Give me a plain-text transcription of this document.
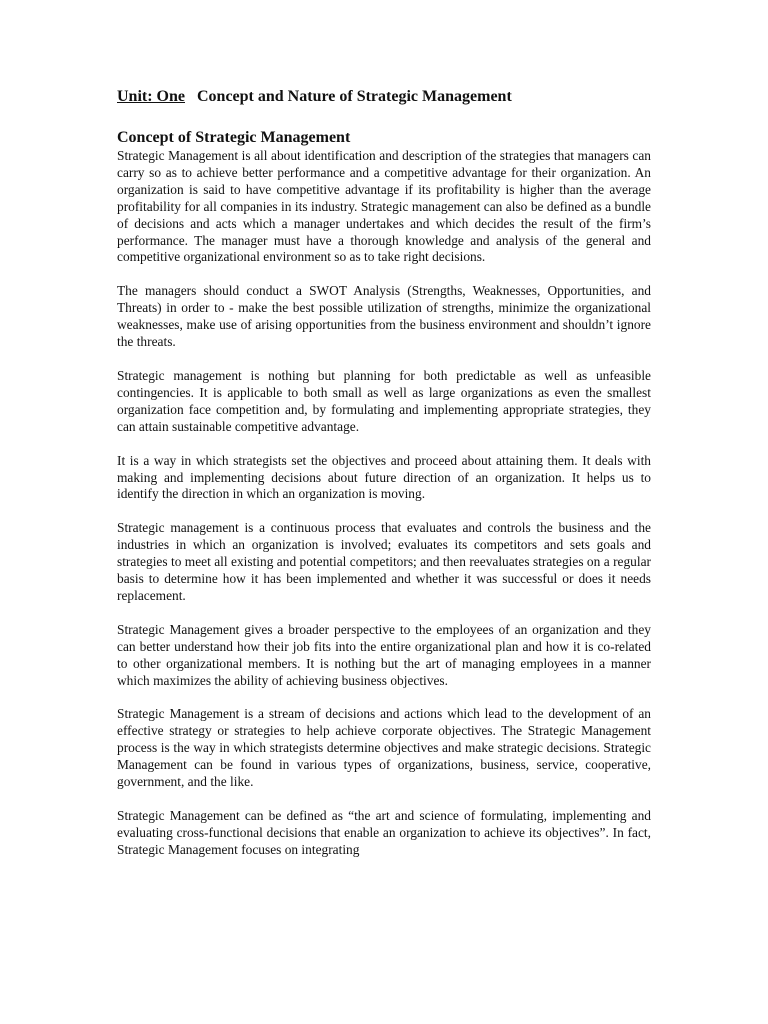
Unit: One Concept and Nature of Strategic Management
Concept of Strategic Management

Strategic Management is all about identification and description of the strategies that managers can carry so as to achieve better performance and a competitive advantage for their organization. An organization is said to have competitive advantage if its profitability is higher than the average profitability for all companies in its industry. Strategic management can also be defined as a bundle of decisions and acts which a manager undertakes and which decides the result of the firm’s performance. The manager must have a thorough knowledge and analysis of the general and competitive organizational environment so as to take right decisions.

The managers should conduct a SWOT Analysis (Strengths, Weaknesses, Opportunities, and Threats) in order to - make the best possible utilization of strengths, minimize the organizational weaknesses, make use of arising opportunities from the business environment and shouldn’t ignore the threats.

Strategic management is nothing but planning for both predictable as well as unfeasible contingencies. It is applicable to both small as well as large organizations as even the smallest organization face competition and, by formulating and implementing appropriate strategies, they can attain sustainable competitive advantage.

It is a way in which strategists set the objectives and proceed about attaining them. It deals with making and implementing decisions about future direction of an organization. It helps us to identify the direction in which an organization is moving.

Strategic management is a continuous process that evaluates and controls the business and the industries in which an organization is involved; evaluates its competitors and sets goals and strategies to meet all existing and potential competitors; and then reevaluates strategies on a regular basis to determine how it has been implemented and whether it was successful or does it needs replacement.

Strategic Management gives a broader perspective to the employees of an organization and they can better understand how their job fits into the entire organizational plan and how it is co-related to other organizational members. It is nothing but the art of managing employees in a manner which maximizes the ability of achieving business objectives.

Strategic Management is a stream of decisions and actions which lead to the development of an effective strategy or strategies to help achieve corporate objectives. The Strategic Management process is the way in which strategists determine objectives and make strategic decisions. Strategic Management can be found in various types of organizations, business, service, cooperative, government, and the like.

Strategic Management can be defined as “the art and science of formulating, implementing and evaluating cross-functional decisions that enable an organization to achieve its objectives”. In fact, Strategic Management focuses on integrating
